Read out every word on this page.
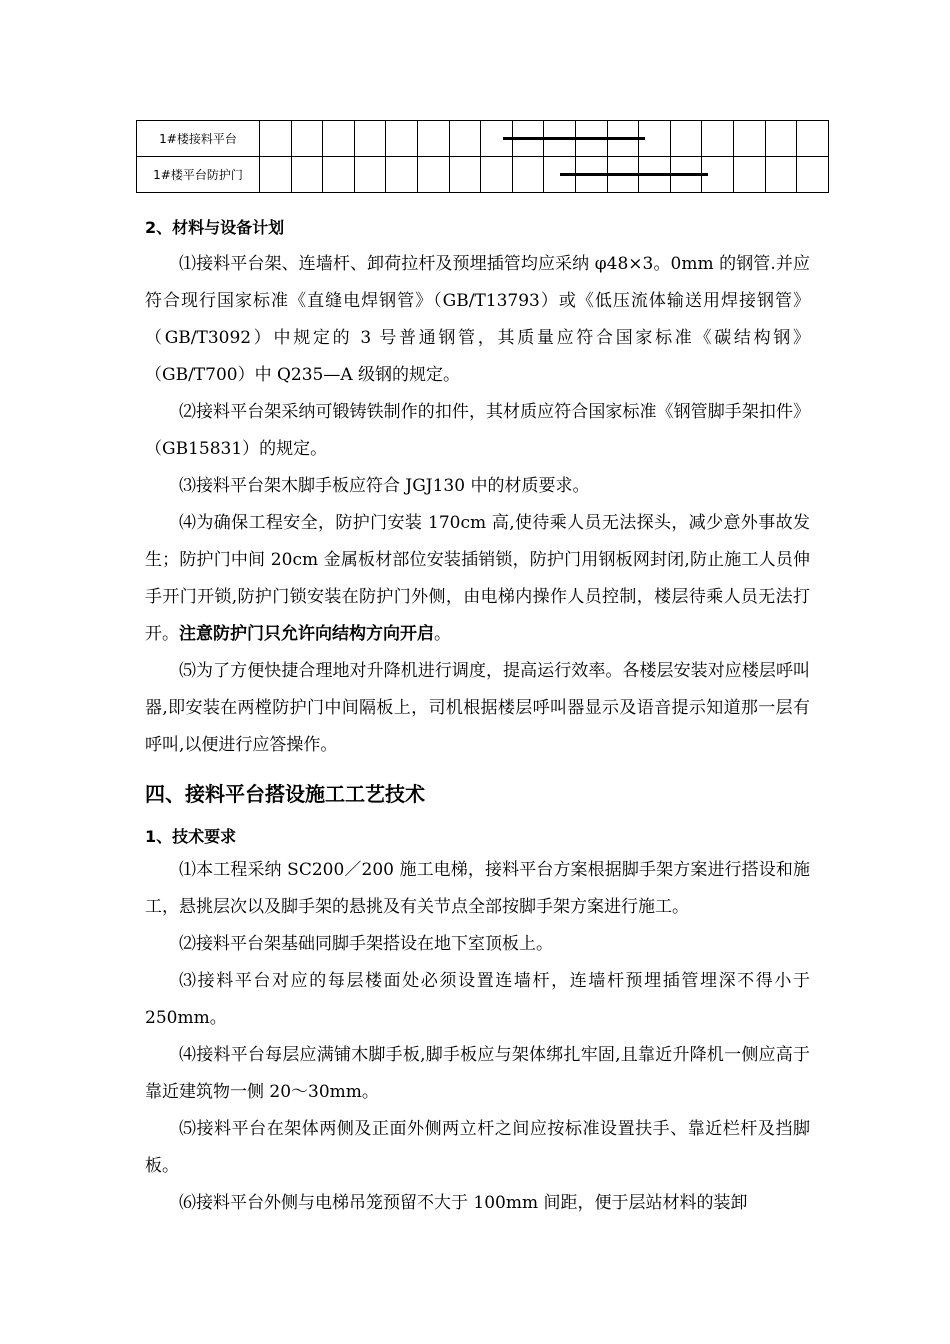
1#楼接料平台																		
1#楼平台防护门																		
2、材料与设备计划

⑴接料平台架、连墙杆、卸荷拉杆及预埋插管均应采纳 φ48×3。0mm 的钢管.并应符合现行国家标准《直缝电焊钢管》（GB/T13793）或《低压流体输送用焊接钢管》（GB/T3092）中规定的 3 号普通钢管，其质量应符合国家标准《碳结构钢》（GB/T700）中 Q235—A 级钢的规定。

⑵接料平台架采纳可锻铸铁制作的扣件，其材质应符合国家标准《钢管脚手架扣件》（GB15831）的规定。

⑶接料平台架木脚手板应符合 JGJ130 中的材质要求。

⑷为确保工程安全，防护门安装 170cm 高,使待乘人员无法探头，减少意外事故发生；防护门中间 20cm 金属板材部位安装插销锁，防护门用钢板网封闭,防止施工人员伸手开门开锁,防护门锁安装在防护门外侧，由电梯内操作人员控制，楼层待乘人员无法打开。注意防护门只允许向结构方向开启。

⑸为了方便快捷合理地对升降机进行调度，提高运行效率。各楼层安装对应楼层呼叫器,即安装在两樘防护门中间隔板上，司机根据楼层呼叫器显示及语音提示知道那一层有呼叫,以便进行应答操作。

四、接料平台搭设施工工艺技术
1、技术要求

⑴本工程采纳 SC200／200 施工电梯，接料平台方案根据脚手架方案进行搭设和施工，悬挑层次以及脚手架的悬挑及有关节点全部按脚手架方案进行施工。

⑵接料平台架基础同脚手架搭设在地下室顶板上。

⑶接料平台对应的每层楼面处必须设置连墙杆，连墙杆预埋插管埋深不得小于 250mm。

⑷接料平台每层应满铺木脚手板,脚手板应与架体绑扎牢固,且靠近升降机一侧应高于靠近建筑物一侧 20～30mm。

⑸接料平台在架体两侧及正面外侧两立杆之间应按标准设置扶手、靠近栏杆及挡脚板。

⑹接料平台外侧与电梯吊笼预留不大于 100mm 间距，便于层站材料的装卸
